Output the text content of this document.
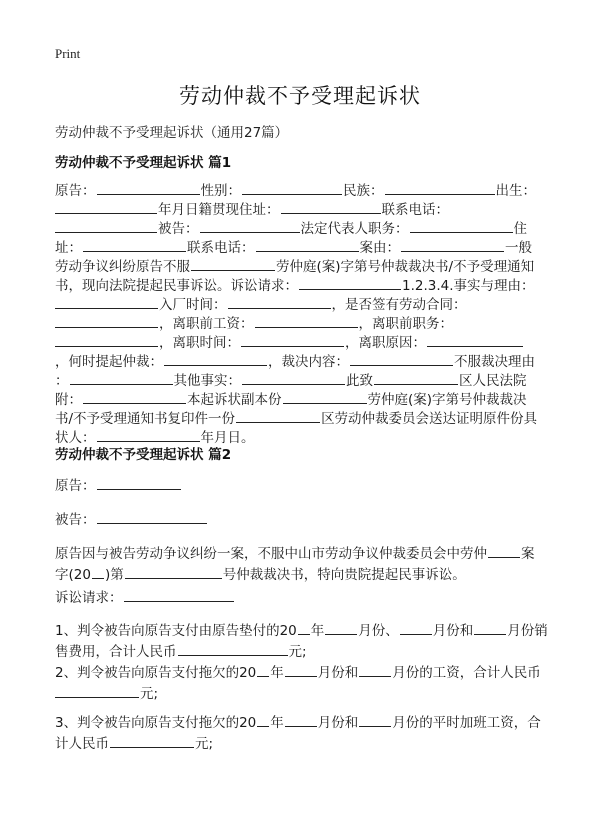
Print
劳动仲裁不予受理起诉状
劳动仲裁不予受理起诉状（通用27篇）
劳动仲裁不予受理起诉状 篇1
原告：	性别：	民族：	出生：
年月日籍贯现住址：	联系电话：
被告：	法定代表人职务：	住
址：	联系电话：	案由：	一般
劳动争议纠纷原告不服	劳仲庭(案)字第号仲裁裁决书/不予受理通知
书，现向法院提起民事诉讼。诉讼请求：	1.2.3.4.事实与理由：
入厂时间：	，是否签有劳动合同：
，离职前工资：	，离职前职务：
，离职时间：	，离职原因：
，何时提起仲裁：	，裁决内容：	不服裁决理由
：	其他事实：	此致	区人民法院
附：	本起诉状副本份	劳仲庭(案)字第号仲裁裁决
书/不予受理通知书复印件一份	区劳动仲裁委员会送达证明原件份具
状人：	年月日。
劳动仲裁不予受理起诉状 篇2
原告：
被告：
原告因与被告劳动争议纠纷一案，不服中山市劳动争议仲裁委员会中劳仲	案
字(20 )第	号仲裁裁决书，特向贵院提起民事诉讼。
诉讼请求：
1、判令被告向原告支付由原告垫付的20 年	月份、	月份和	月份销
售费用，合计人民币	元;
2、判令被告向原告支付拖欠的20 年	月份和	月份的工资，合计人民币
元;
3、判令被告向原告支付拖欠的20 年	月份和	月份的平时加班工资，合
计人民币	元;
